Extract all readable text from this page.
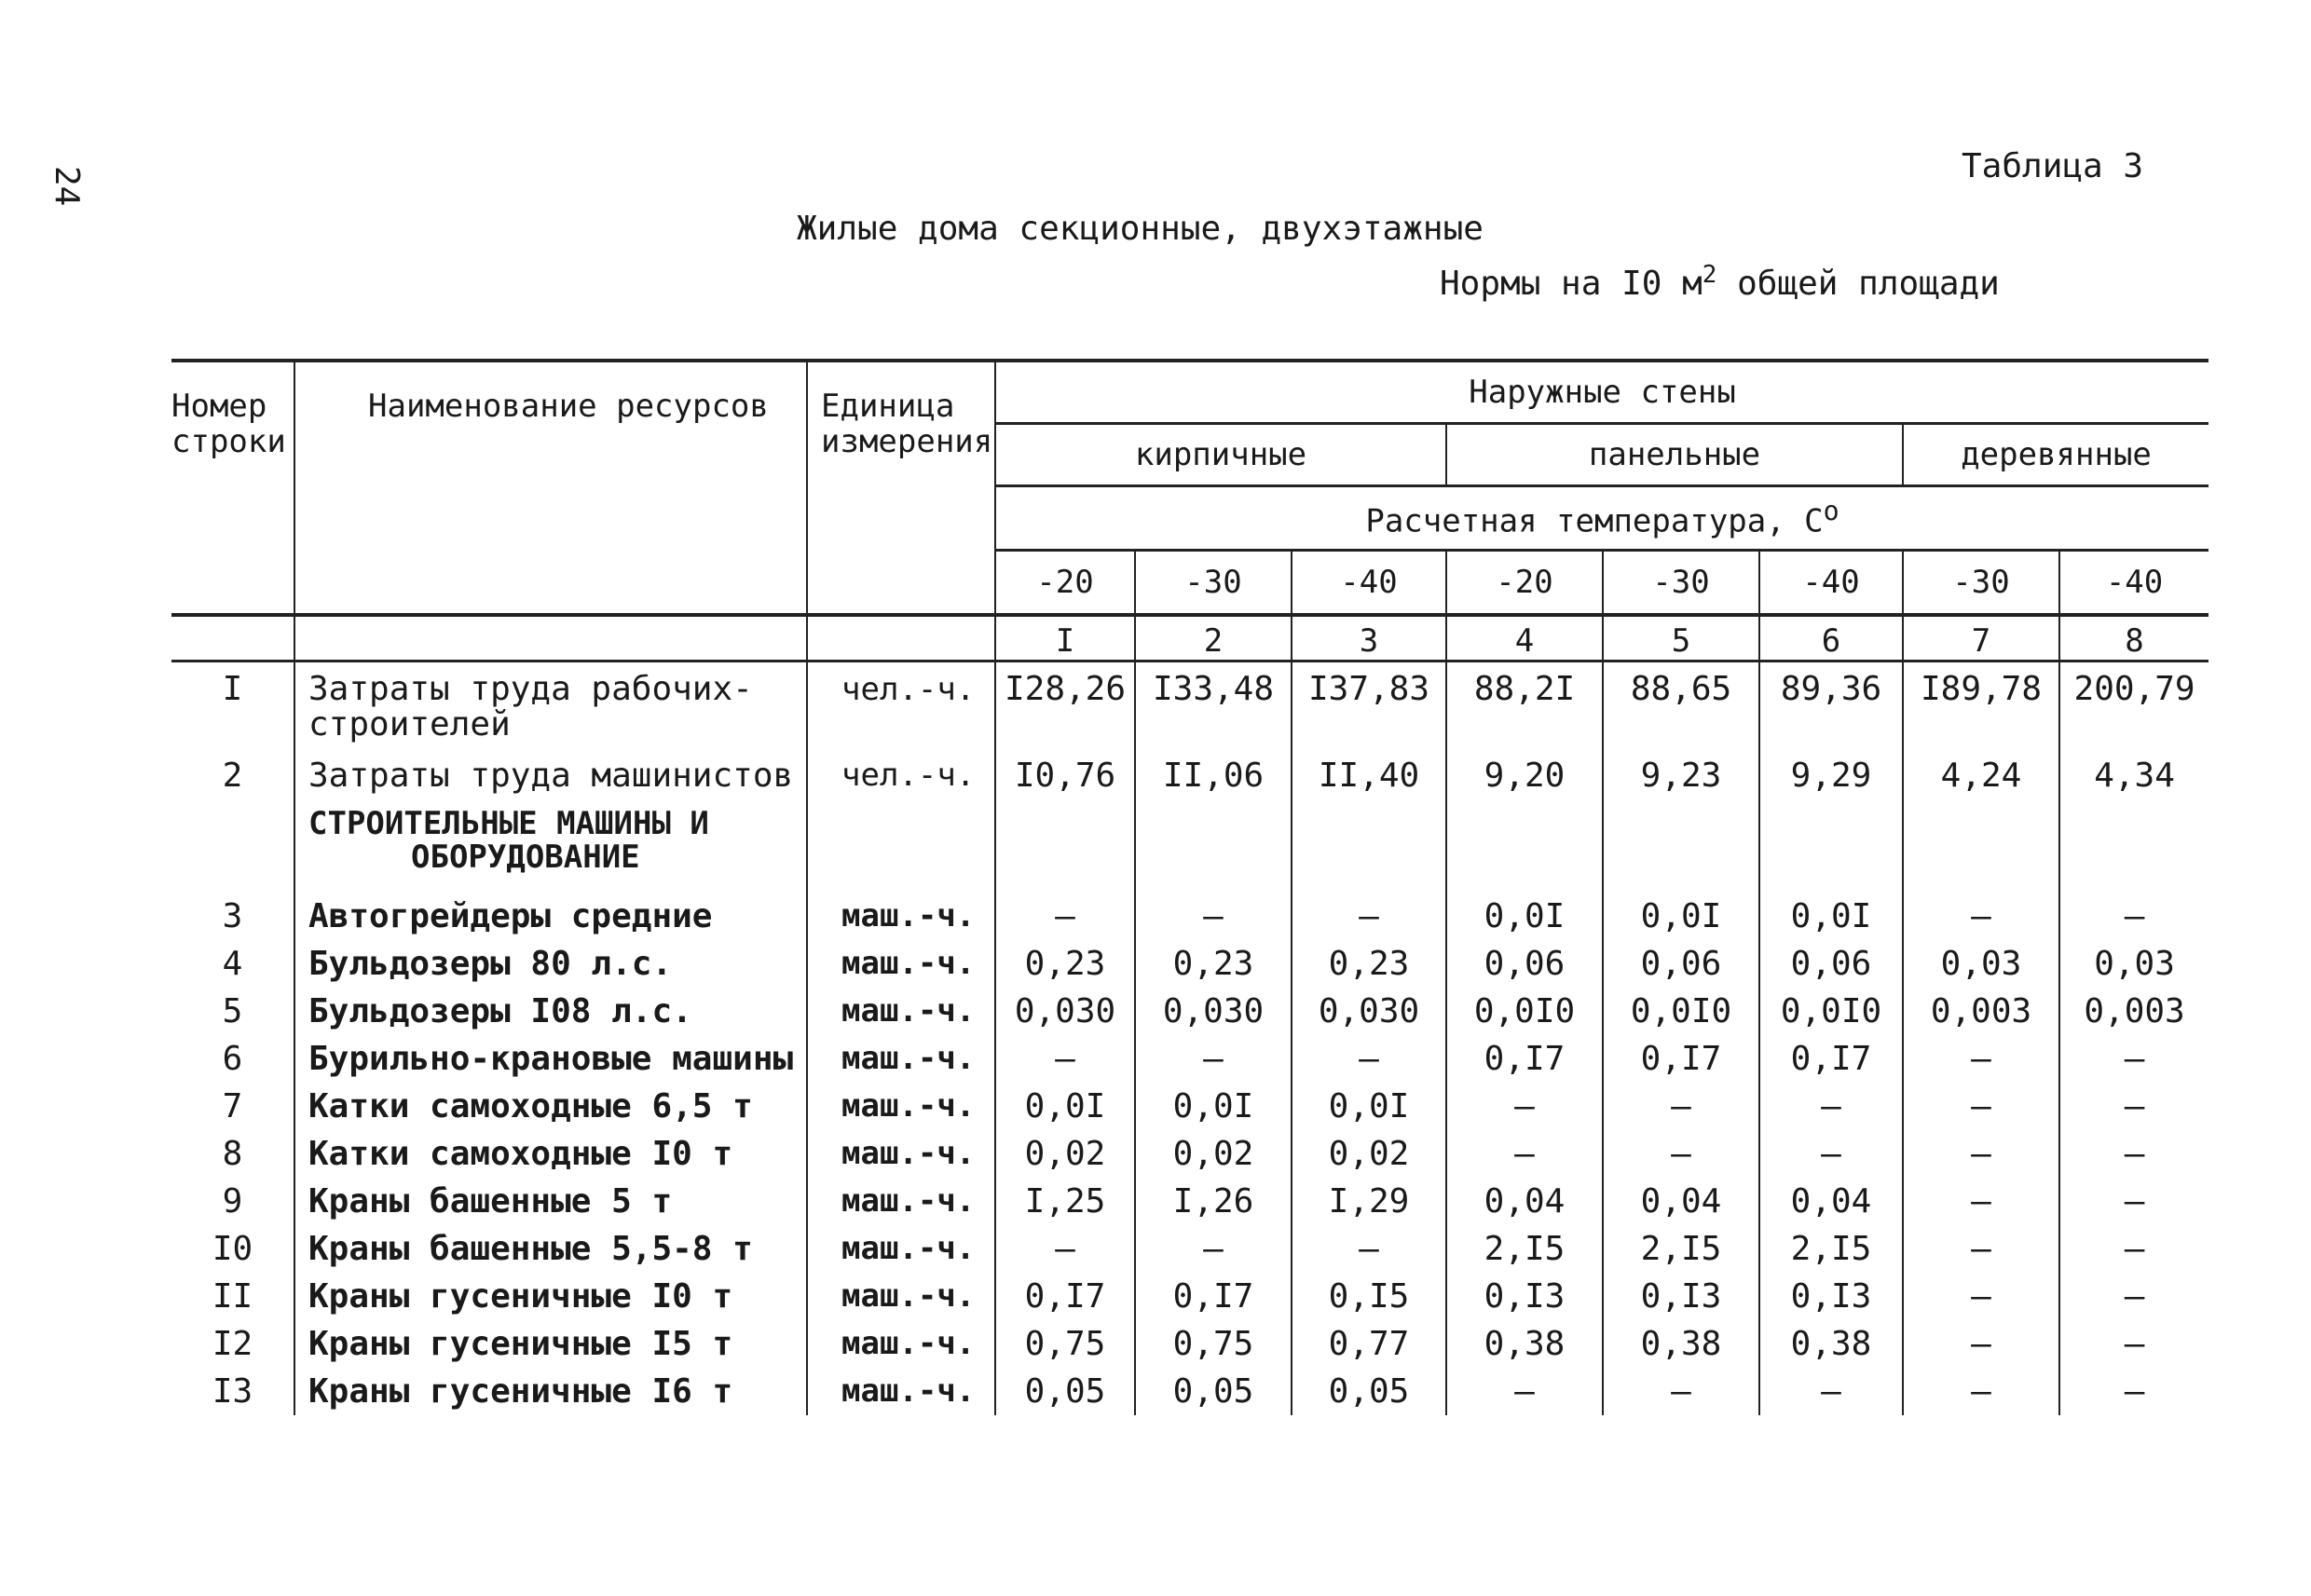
24	Таблица 3
Жилые дома секционные, двухэтажные
Нормы на I0 $м^2$ общей площади
Номер строки	Наименование ресурсов	Единица измерения	Наружные стены							
			кирпичные			панельные			деревянные	
			Расчетная температура, $С^o$
			-20	-30	-40	-20	-30	-40	-30	-40
			I	2	3	4	5	6	7	8
I	Затраты труда рабочих-строителей	чел.-ч.	I28,26	I33,48	I37,83	88,2I	88,65	89,36	I89,78	200,79
2	Затраты труда машинистов	чел.-ч.	I0,76	II,06	II,40	9,20	9,23	9,29	4,24	4,34

	СТРОИТЕЛЬНЫЕ МАШИНЫ И
ОБОРУДОВАНИЕ									

3	Автогрейдеры средние	маш.-ч.	–	–	–	0,0I	0,0I	0,0I	–	–
4	Бульдозеры 80 л.с.	маш.-ч.	0,23	0,23	0,23	0,06	0,06	0,06	0,03	0,03
5	Бульдозеры I08 л.с.	маш.-ч.	0,030	0,030	0,030	0,0I0	0,0I0	0,0I0	0,003	0,003
6	Бурильно-крановые машины	маш.-ч.	–	–	–	0,I7	0,I7	0,I7	–	–
7	Катки самоходные 6,5 т	маш.-ч.	0,0I	0,0I	0,0I	–	–	–	–	–
8	Катки самоходные I0 т	маш.-ч.	0,02	0,02	0,02	–	–	–	–	–
9	Краны башенные 5 т	маш.-ч.	I,25	I,26	I,29	0,04	0,04	0,04	–	–
I0	Краны башенные 5,5-8 т	маш.-ч.	–	–	–	2,I5	2,I5	2,I5	–	–
II	Краны гусеничные I0 т	маш.-ч.	0,I7	0,I7	0,I5	0,I3	0,I3	0,I3	–	–
I2	Краны гусеничные I5 т	маш.-ч.	0,75	0,75	0,77	0,38	0,38	0,38	–	–
I3	Краны гусеничные I6 т	маш.-ч.	0,05	0,05	0,05	–	–	–	–	–
